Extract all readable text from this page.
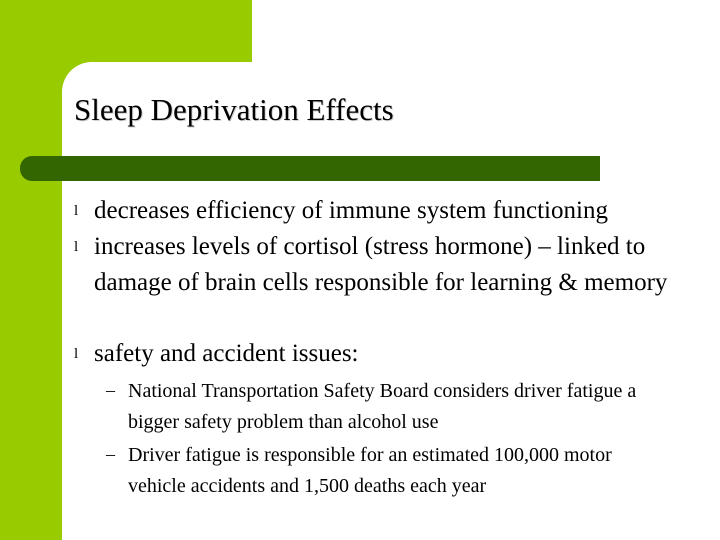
Sleep Deprivation Effects
l decreases efficiency of immune system functioning
l increases levels of cortisol (stress hormone) – linked to damage of brain cells responsible for learning & memory
l safety and accident issues:
– National Transportation Safety Board considers driver fatigue a bigger safety problem than alcohol use
– Driver fatigue is responsible for an estimated 100,000 motor vehicle accidents and 1,500 deaths each year
